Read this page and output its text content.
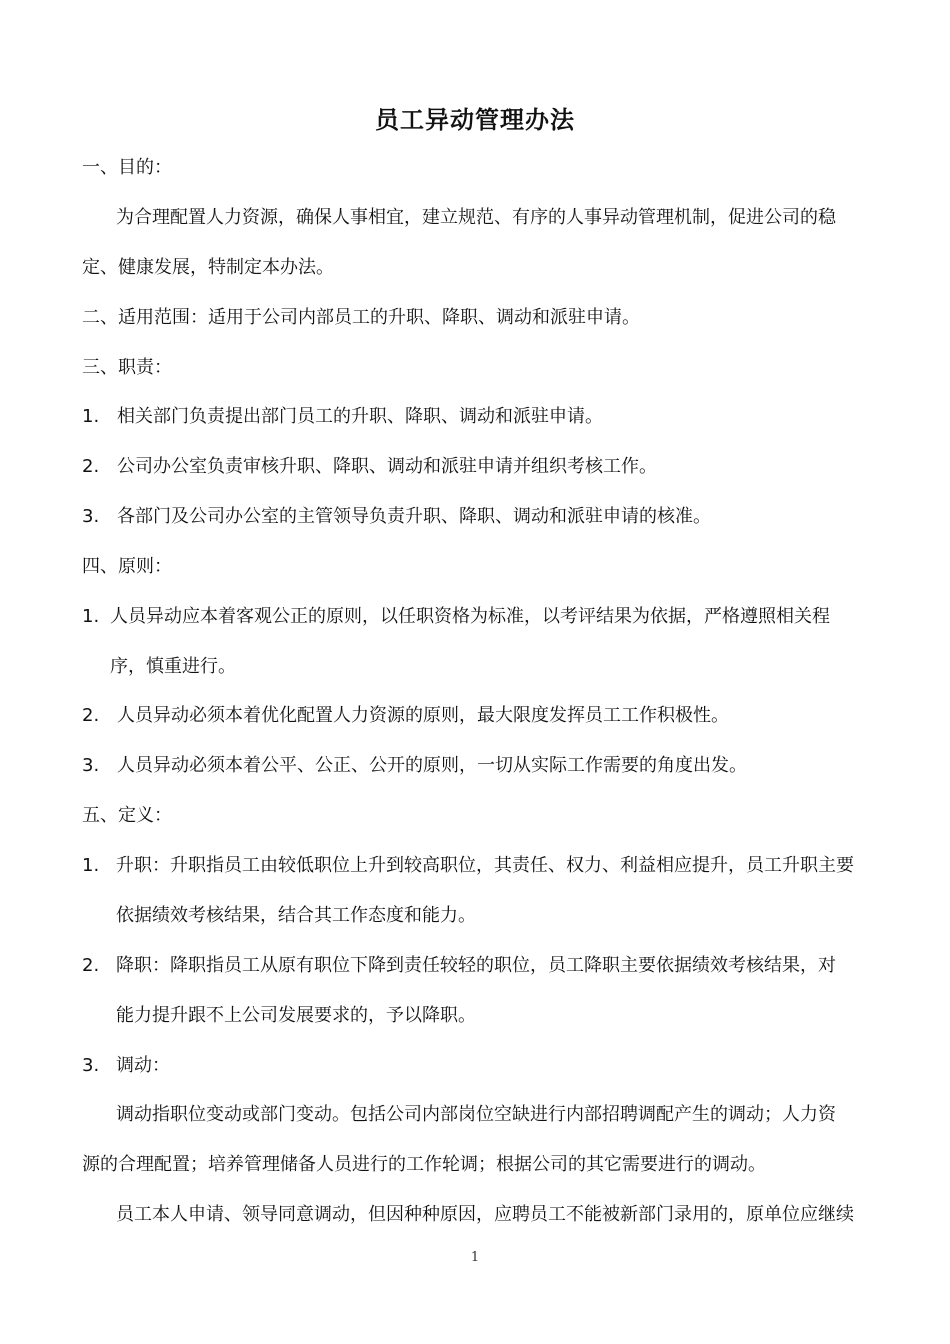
员工异动管理办法
一、目的：
为合理配置人力资源，确保人事相宜，建立规范、有序的人事异动管理机制，促进公司的稳
定、健康发展，特制定本办法。
二、适用范围：适用于公司内部员工的升职、降职、调动和派驻申请。
三、职责：
1. 相关部门负责提出部门员工的升职、降职、调动和派驻申请。
2. 公司办公室负责审核升职、降职、调动和派驻申请并组织考核工作。
3. 各部门及公司办公室的主管领导负责升职、降职、调动和派驻申请的核准。
四、原则：
1. 人员异动应本着客观公正的原则，以任职资格为标准，以考评结果为依据，严格遵照相关程
序，慎重进行。
2. 人员异动必须本着优化配置人力资源的原则，最大限度发挥员工工作积极性。
3. 人员异动必须本着公平、公正、公开的原则，一切从实际工作需要的角度出发。
五、定义：
1. 升职：升职指员工由较低职位上升到较高职位，其责任、权力、利益相应提升，员工升职主要
依据绩效考核结果，结合其工作态度和能力。
2. 降职：降职指员工从原有职位下降到责任较轻的职位，员工降职主要依据绩效考核结果，对
能力提升跟不上公司发展要求的，予以降职。
3. 调动：
调动指职位变动或部门变动。包括公司内部岗位空缺进行内部招聘调配产生的调动；人力资
源的合理配置；培养管理储备人员进行的工作轮调；根据公司的其它需要进行的调动。
员工本人申请、领导同意调动，但因种种原因，应聘员工不能被新部门录用的，原单位应继续
1
